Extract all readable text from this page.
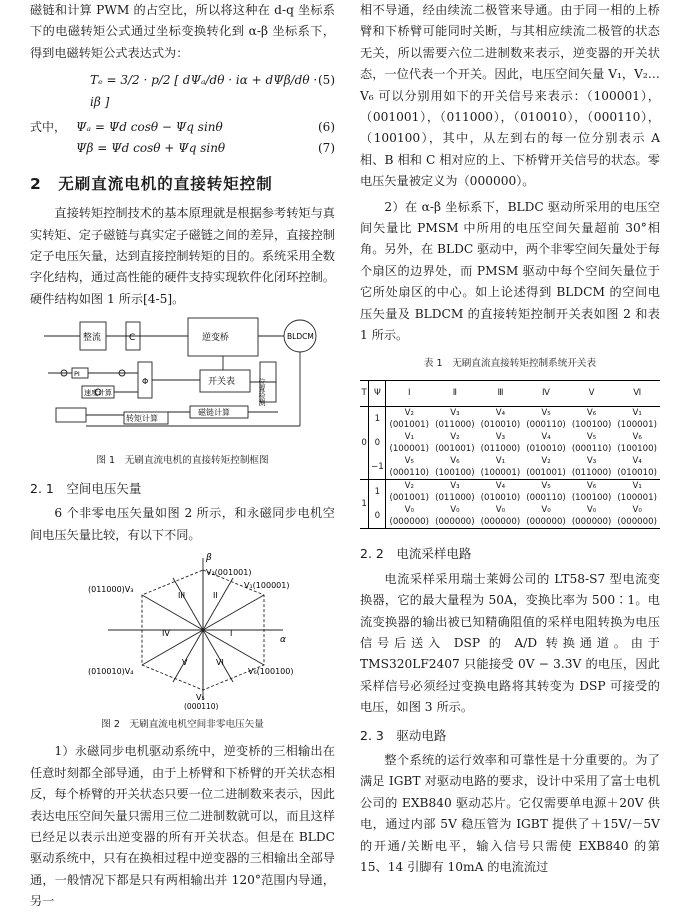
磁链和计算 PWM 的占空比，所以将这种在 d-q 坐标系下的电磁转矩公式通过坐标变换转化到 α-β 坐标系下，得到电磁转矩公式表达式为：

Tₑ = 3/2 · p/2 [ dΨₐ/dθ · iα + dΨβ/dθ · iβ ]
(5)
式中， Ψₐ = Ψd cosθ − Ψq sinθ	(6)
Ψβ = Ψd cosθ + Ψq sinθ	(7)
2　无刷直流电机的直接转矩控制

直接转矩控制技术的基本原理就是根据参考转矩与真实转矩、定子磁链与真实定子磁链之间的差异，直接控制定子电压矢量，达到直接控制转矩的目的。系统采用全数字化结构，通过高性能的硬件支持实现软件化闭环控制。硬件结构如图 1 所示[4-5]。

整流	C	逆变桥	BLDCM
位置检测
PI
开关表
磁链计算
转矩计算
速度计算
Φ
图 1　无刷直流电机的直接转矩控制框图
2. 1　空间电压矢量

6 个非零电压矢量如图 2 所示，和永磁同步电机空间电压矢量比较，有以下不同。

α
β
V₁(100001)
V₂(001001)
(011000)V₃
(010010)V₄
V₅
(000110)
V₆(100100)
I
II
III
IV
V	VI
图 2　无刷直流电机空间非零电压矢量

1）永磁同步电机驱动系统中，逆变桥的三相输出在任意时刻都全部导通，由于上桥臂和下桥臂的开关状态相反，每个桥臂的开关状态只要一位二进制数来表示，因此表达电压空间矢量只需用三位二进制数就可以，而且这样已经足以表示出逆变器的所有开关状态。但是在 BLDC 驱动系统中，只有在换相过程中逆变器的三相输出全部导通，一般情况下都是只有两相输出并 120°范围内导通，另一

相不导通，经由续流二极管来导通。由于同一相的上桥臂和下桥臂可能同时关断，与其相应续流二极管的状态无关，所以需要六位二进制数来表示，逆变器的开关状态，一位代表一个开关。因此，电压空间矢量 V₁，V₂…V₆ 可以分别用如下的开关信号来表示：（100001），（001001），（011000），（010010），（000110），（100100），其中，从左到右的每一位分别表示 A 相、B 相和 C 相对应的上、下桥臂开关信号的状态。零电压矢量被定义为（000000）。

2）在 α-β 坐标系下，BLDC 驱动所采用的电压空间矢量比 PMSM 中所用的电压空间矢量超前 30°相角。另外，在 BLDC 驱动中，两个非零空间矢量处于每个扇区的边界处，而 PMSM 驱动中每个空间矢量位于它所处扇区的中心。如上论述得到 BLDCM 的空间电压矢量及 BLDCM 的直接转矩控制开关表如图 2 和表 1 所示。

表 1　无刷直流直接转矩控制系统开关表
T	Ψ	Ⅰ	Ⅱ	Ⅲ	Ⅳ	Ⅴ	Ⅵ
0	1	V₂	V₃	V₄	V₅	V₆	V₁
		(001001)	(011000)	(010010)	(000110)	(100100)	(100001)
	0	V₁	V₂	V₃	V₄	V₅	V₆
		(100001)	(001001)	(011000)	(010010)	(000110)	(100100)
	−1	V₅	V₆	V₁	V₂	V₃	V₄
		(000110)	(100100)	(100001)	(001001)	(011000)	(010010)
1	1	V₂	V₃	V₄	V₅	V₆	V₁
		(001001)	(011000)	(010010)	(000110)	(100100)	(100001)
	0	V₀	V₀	V₀	V₀	V₀	V₀
		(000000)	(000000)	(000000)	(000000)	(000000)	(000000)
2. 2　电流采样电路

电流采样采用瑞士莱姆公司的 LT58-S7 型电流变换器，它的最大量程为 50A，变换比率为 500∶1。电流变换器的输出被已知精确阻值的采样电阻转换为电压信号后送入 DSP 的 A/D 转换通道。由于 TMS320LF2407 只能接受 0V − 3.3V 的电压，因此采样信号必须经过变换电路将其转变为 DSP 可接受的电压，如图 3 所示。

2. 3　驱动电路

整个系统的运行效率和可靠性是十分重要的。为了满足 IGBT 对驱动电路的要求，设计中采用了富士电机公司的 EXB840 驱动芯片。它仅需要单电源＋20V 供电，通过内部 5V 稳压管为 IGBT 提供了＋15V/－5V 的开通/关断电平，输入信号只需使 EXB840 的第 15、14 引脚有 10mA 的电流流过
